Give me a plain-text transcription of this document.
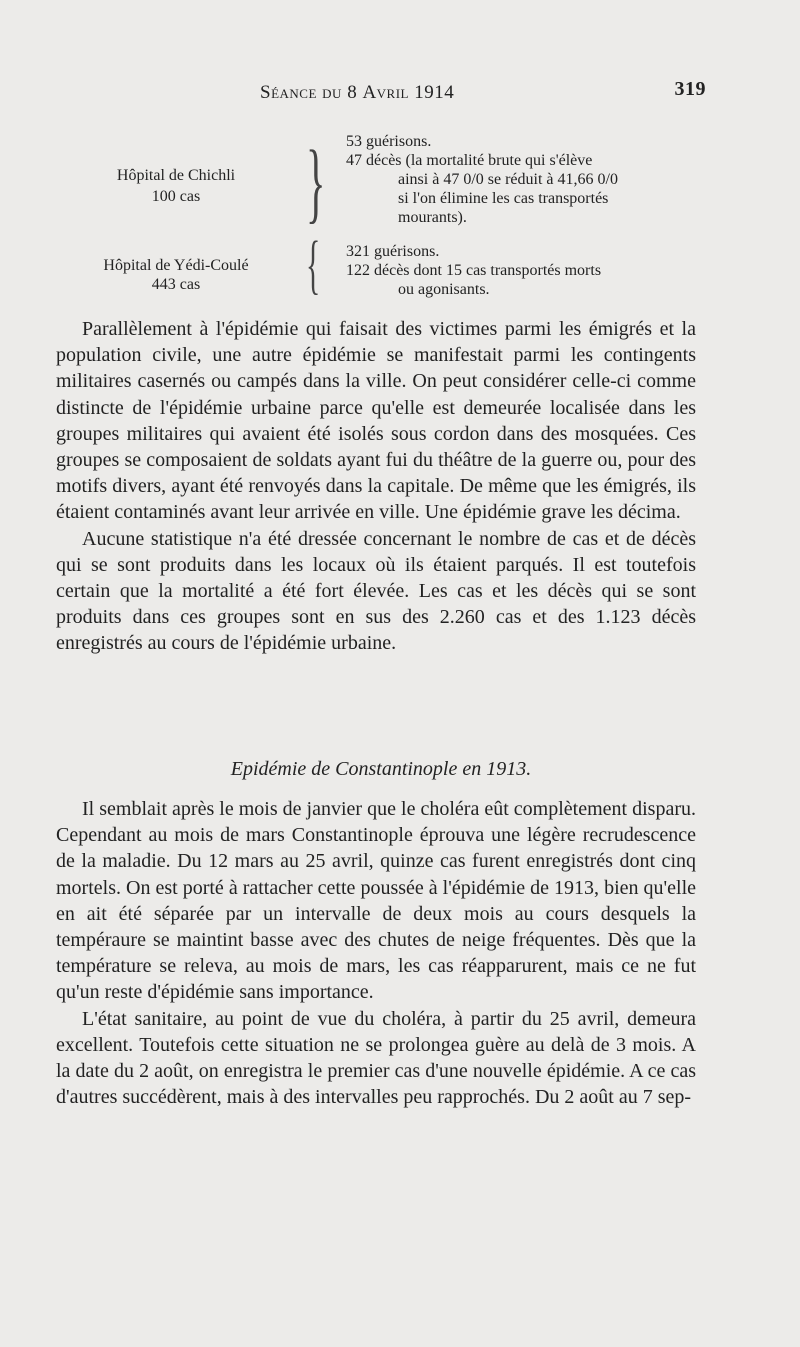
Séance du 8 Avril 1914	319
Hôpital de Chichli
100 cas	} 53 guérisons.
47 décès (la mortalité brute qui s'élève
ainsi à 47 0/0 se réduit à 41,66 0/0
si l'on élimine les cas transportés
mourants).
Hôpital de Yédi-Coulé
443 cas	{ 321 guérisons.
122 décès dont 15 cas transportés morts
ou agonisants.

Parallèlement à l'épidémie qui faisait des victimes parmi les émigrés et la population civile, une autre épidémie se manifestait parmi les contingents militaires casernés ou campés dans la ville. On peut considérer celle-ci comme distincte de l'épidémie urbaine parce qu'elle est demeurée localisée dans les groupes militaires qui avaient été isolés sous cordon dans des mosquées. Ces groupes se composaient de soldats ayant fui du théâtre de la guerre ou, pour des motifs divers, ayant été renvoyés dans la capitale. De même que les émigrés, ils étaient contaminés avant leur arrivée en ville. Une épidémie grave les décima.

Aucune statistique n'a été dressée concernant le nombre de cas et de décès qui se sont produits dans les locaux où ils étaient parqués. Il est toutefois certain que la mortalité a été fort élevée. Les cas et les décès qui se sont produits dans ces groupes sont en sus des 2.260 cas et des 1.123 décès enregistrés au cours de l'épidémie urbaine.

Epidémie de Constantinople en 1913.

Il semblait après le mois de janvier que le choléra eût complètement disparu. Cependant au mois de mars Constantinople éprouva une légère recrudescence de la maladie. Du 12 mars au 25 avril, quinze cas furent enregistrés dont cinq mortels. On est porté à rattacher cette poussée à l'épidémie de 1913, bien qu'elle en ait été séparée par un intervalle de deux mois au cours desquels la tempéraure se maintint basse avec des chutes de neige fréquentes. Dès que la température se releva, au mois de mars, les cas réapparurent, mais ce ne fut qu'un reste d'épidémie sans importance.

L'état sanitaire, au point de vue du choléra, à partir du 25 avril, demeura excellent. Toutefois cette situation ne se prolongea guère au delà de 3 mois. A la date du 2 août, on enregistra le premier cas d'une nouvelle épidémie. A ce cas d'autres succédèrent, mais à des intervalles peu rapprochés. Du 2 août au 7 sep-
